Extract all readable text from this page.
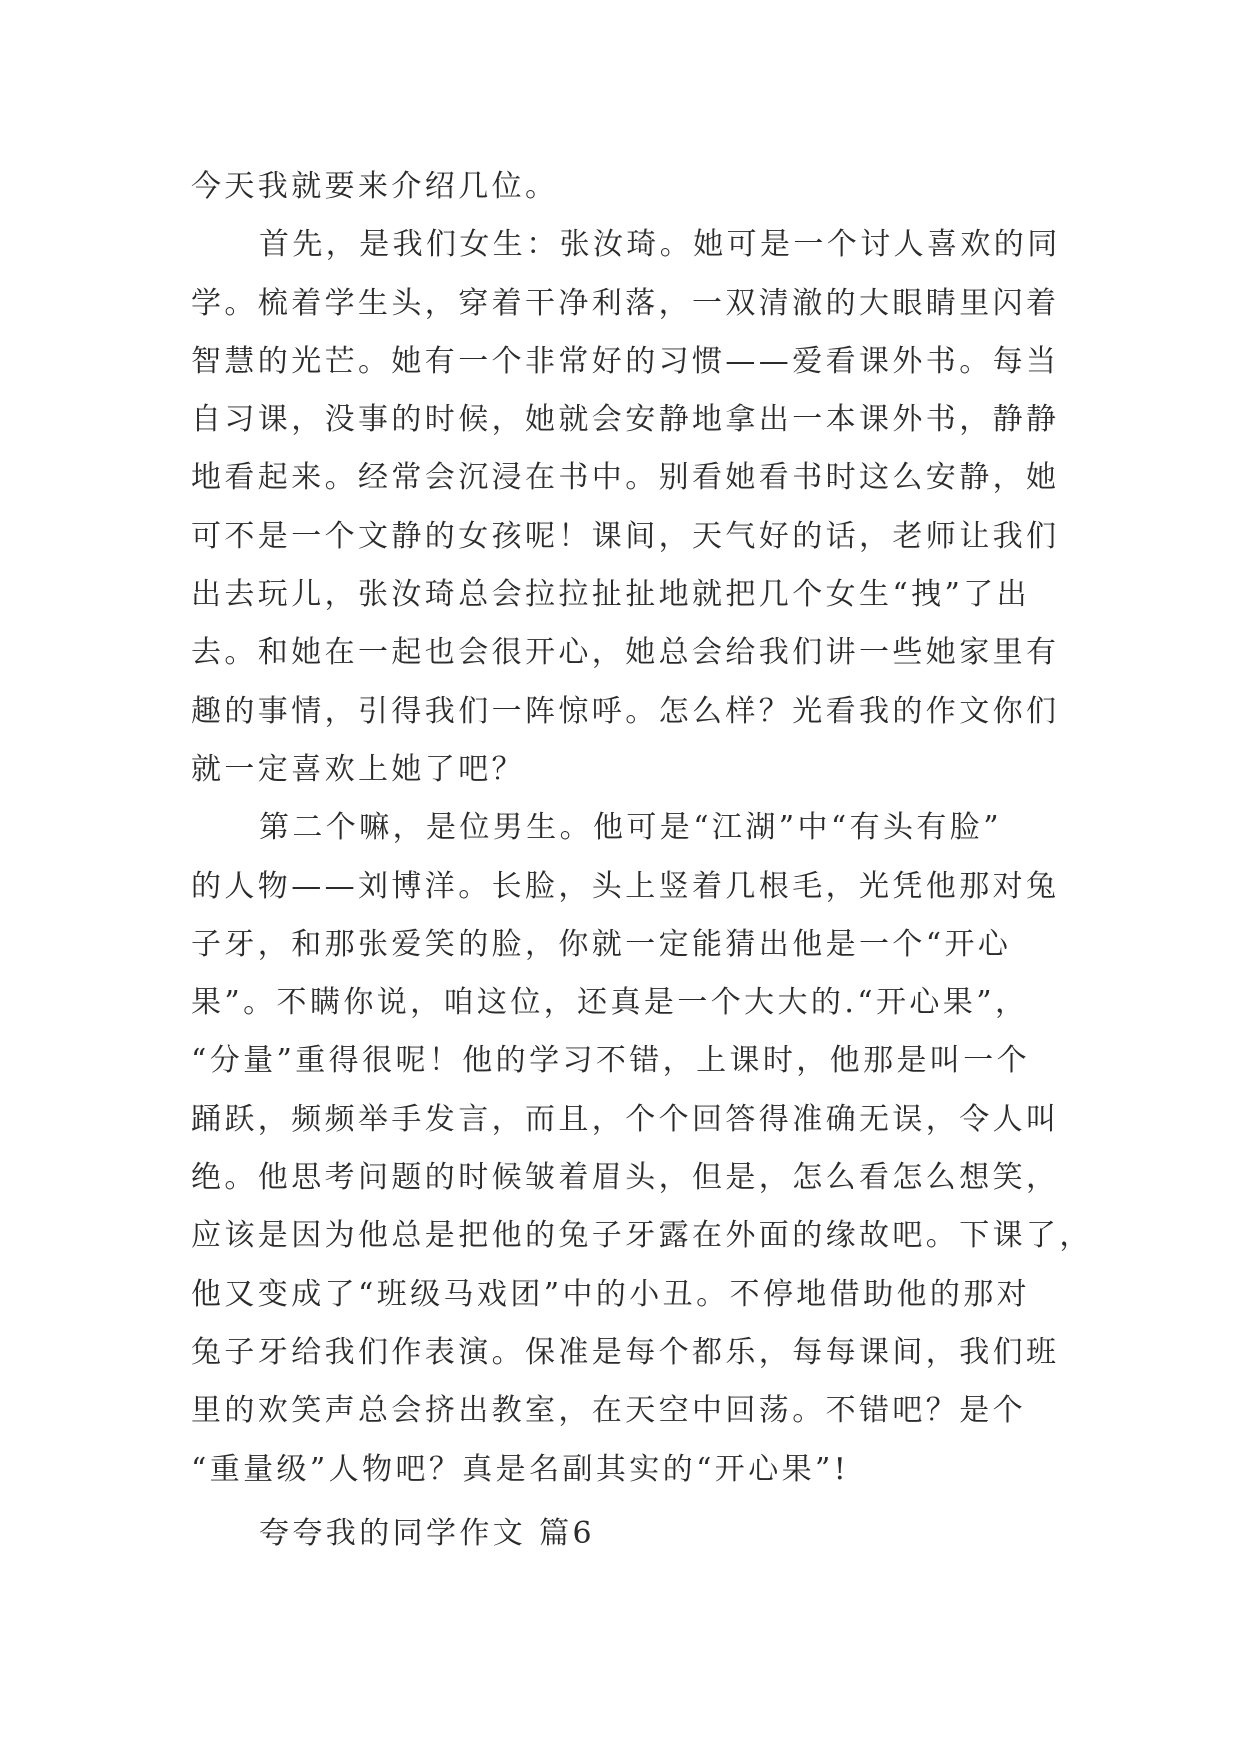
今天我就要来介绍几位。
首先，是我们女生：张汝琦。她可是一个讨人喜欢的同
学。梳着学生头，穿着干净利落，一双清澈的大眼睛里闪着
智慧的光芒。她有一个非常好的习惯——爱看课外书。每当
自习课，没事的时候，她就会安静地拿出一本课外书，静静
地看起来。经常会沉浸在书中。别看她看书时这么安静，她
可不是一个文静的女孩呢！课间，天气好的话，老师让我们
出去玩儿，张汝琦总会拉拉扯扯地就把几个女生“拽”了出
去。和她在一起也会很开心，她总会给我们讲一些她家里有
趣的事情，引得我们一阵惊呼。怎么样？光看我的作文你们
就一定喜欢上她了吧？
第二个嘛，是位男生。他可是“江湖”中“有头有脸”
的人物——刘博洋。长脸，头上竖着几根毛，光凭他那对兔
子牙，和那张爱笑的脸，你就一定能猜出他是一个“开心
果”。不瞒你说，咱这位，还真是一个大大的.“开心果”，
“分量”重得很呢！他的学习不错，上课时，他那是叫一个
踊跃，频频举手发言，而且，个个回答得准确无误，令人叫
绝。他思考问题的时候皱着眉头，但是，怎么看怎么想笑，
应该是因为他总是把他的兔子牙露在外面的缘故吧。下课了，
他又变成了“班级马戏团”中的小丑。不停地借助他的那对
兔子牙给我们作表演。保准是每个都乐，每每课间，我们班
里的欢笑声总会挤出教室，在天空中回荡。不错吧？是个
“重量级”人物吧？真是名副其实的“开心果”!
夸夸我的同学作文 篇6
